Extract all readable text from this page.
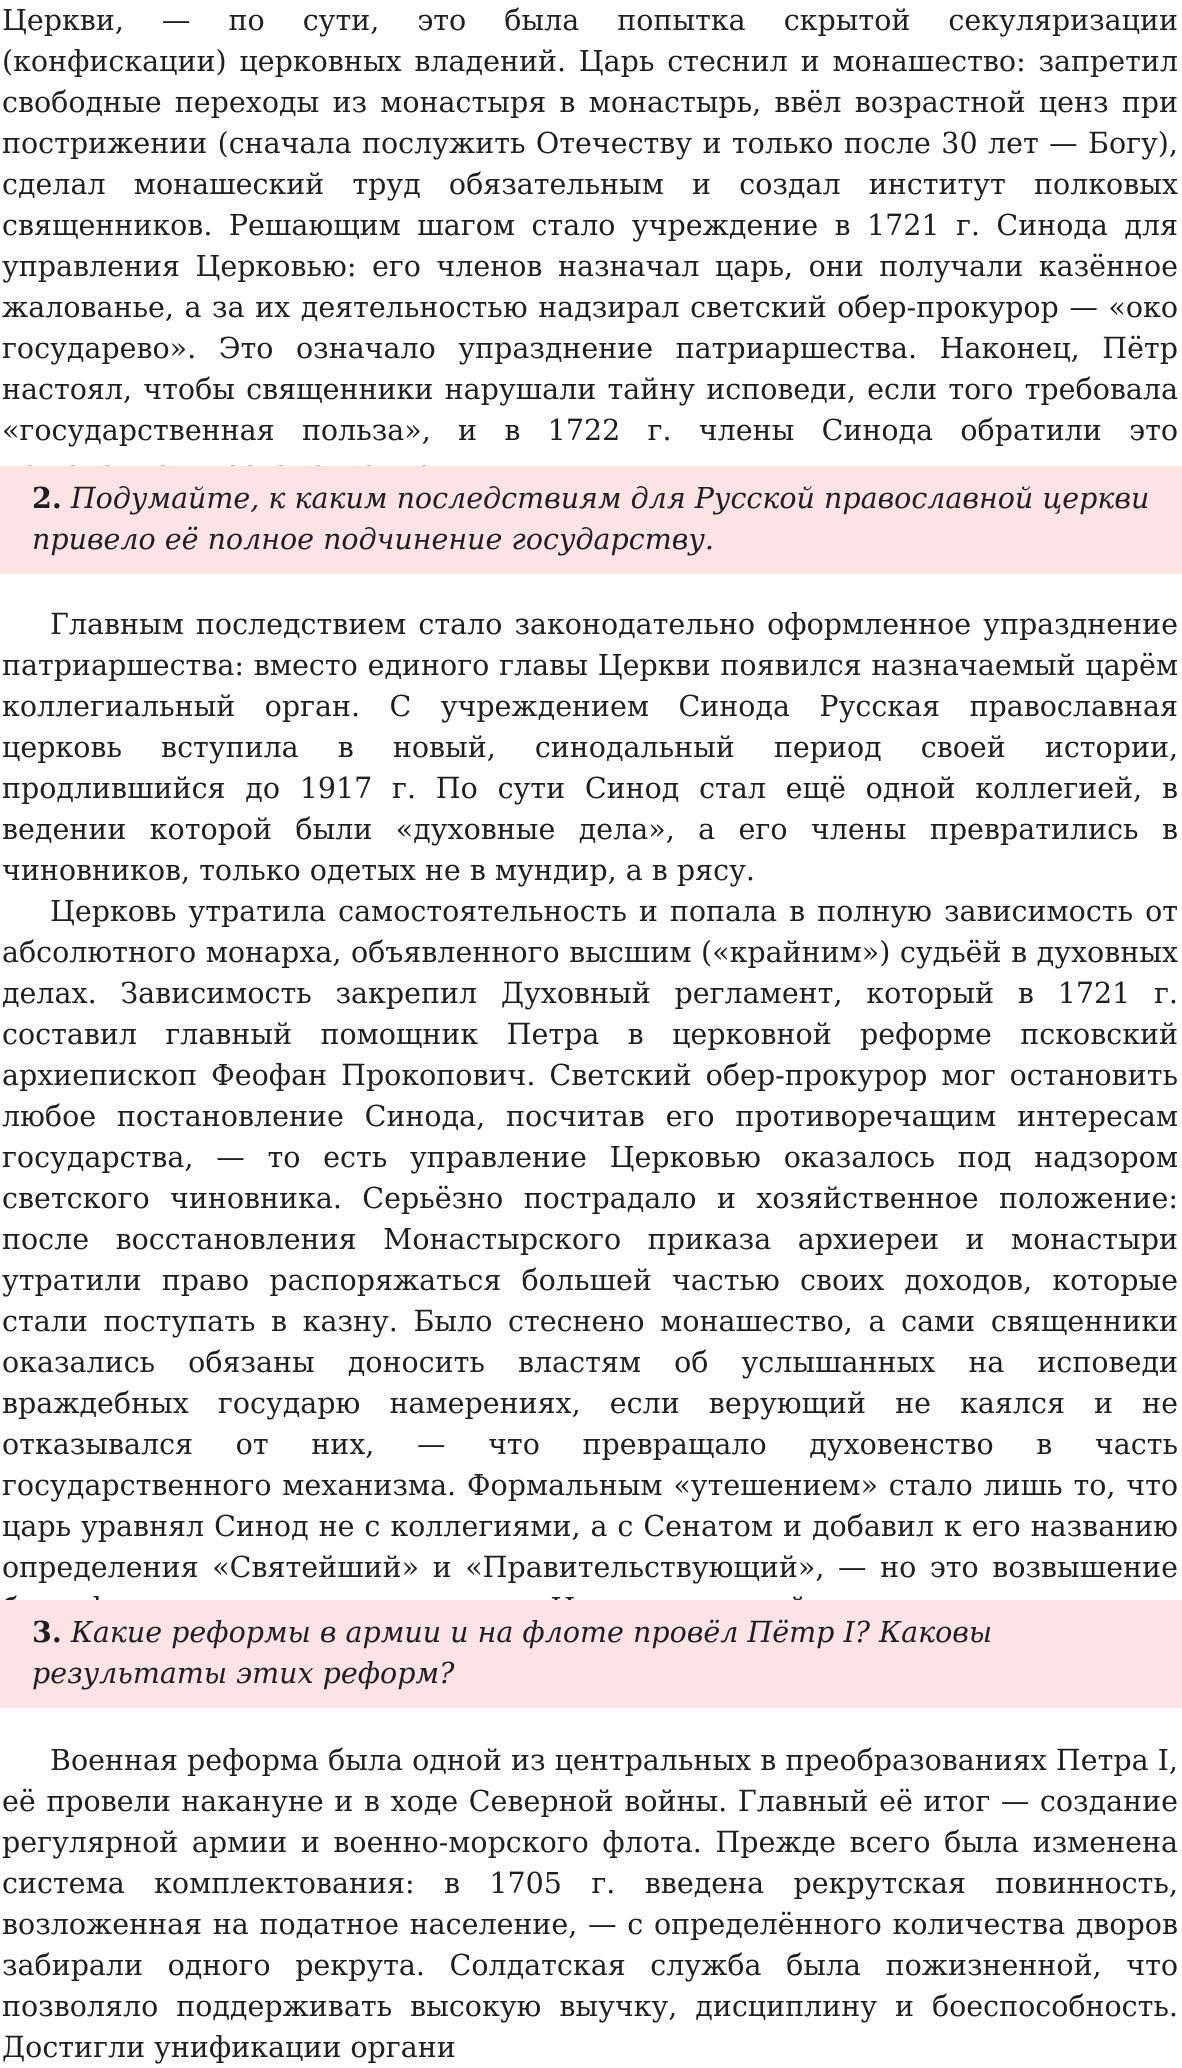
Церкви, — по сути, это была попытка скрытой секуляризации (конфискации) церковных владений. Царь стеснил и монашество: запретил свободные переходы из монастыря в монастырь, ввёл возрастной ценз при пострижении (сначала послужить Отечеству и только после 30 лет — Богу), сделал монашеский труд обязательным и создал институт полковых священников. Решающим шагом стало учреждение в 1721 г. Синода для управления Церковью: его членов назначал царь, они получали казённое жалованье, а за их деятельностью надзирал светский обер-прокурор — «око государево». Это означало упразднение патриаршества. Наконец, Пётр настоял, чтобы священники нарушали тайну исповеди, если того требовала «государственная польза», и в 1722 г. члены Синода обратили это

2. Подумайте, к каким последствиям для Русской православной церкви привело её полное подчинение государству.

Главным последствием стало законодательно оформленное упразднение патриаршества: вместо единого главы Церкви появился назначаемый царём коллегиальный орган. С учреждением Синода Русская православная церковь вступила в новый, синодальный период своей истории, продлившийся до 1917 г. По сути Синод стал ещё одной коллегией, в ведении которой были «духовные дела», а его члены превратились в чиновников, только одетых не в мундир, а в рясу.

Церковь утратила самостоятельность и попала в полную зависимость от абсолютного монарха, объявленного высшим («крайним») судьёй в духовных делах. Зависимость закрепил Духовный регламент, который в 1721 г. составил главный помощник Петра в церковной реформе псковский архиепископ Феофан Прокопович. Светский обер-прокурор мог остановить любое постановление Синода, посчитав его противоречащим интересам государства, — то есть управление Церковью оказалось под надзором светского чиновника. Серьёзно пострадало и хозяйственное положение: после восстановления Монастырского приказа архиереи и монастыри утратили право распоряжаться большей частью своих доходов, которые стали поступать в казну. Было стеснено монашество, а сами священники оказались обязаны доносить властям об услышанных на исповеди враждебных государю намерениях, если верующий не каялся и не отказывался от них, — что превращало духовенство в часть государственного механизма. Формальным «утешением» стало лишь то, что царь уравнял Синод не с коллегиями, а с Сенатом и добавил к его названию определения «Святейший» и «Правительствующий», — но это возвышение

3. Какие реформы в армии и на флоте провёл Пётр I? Каковы результаты этих реформ?

Военная реформа была одной из центральных в преобразованиях Петра I, её провели накануне и в ходе Северной войны. Главный её итог — создание регулярной армии и военно-морского флота. Прежде всего была изменена система комплектования: в 1705 г. введена рекрутская повинность, возложенная на податное население, — с определённого количества дворов забирали одного рекрута. Солдатская служба была пожизненной, что позволяло поддерживать высокую выучку, дисциплину и боеспособность. Достигли унификации органи
